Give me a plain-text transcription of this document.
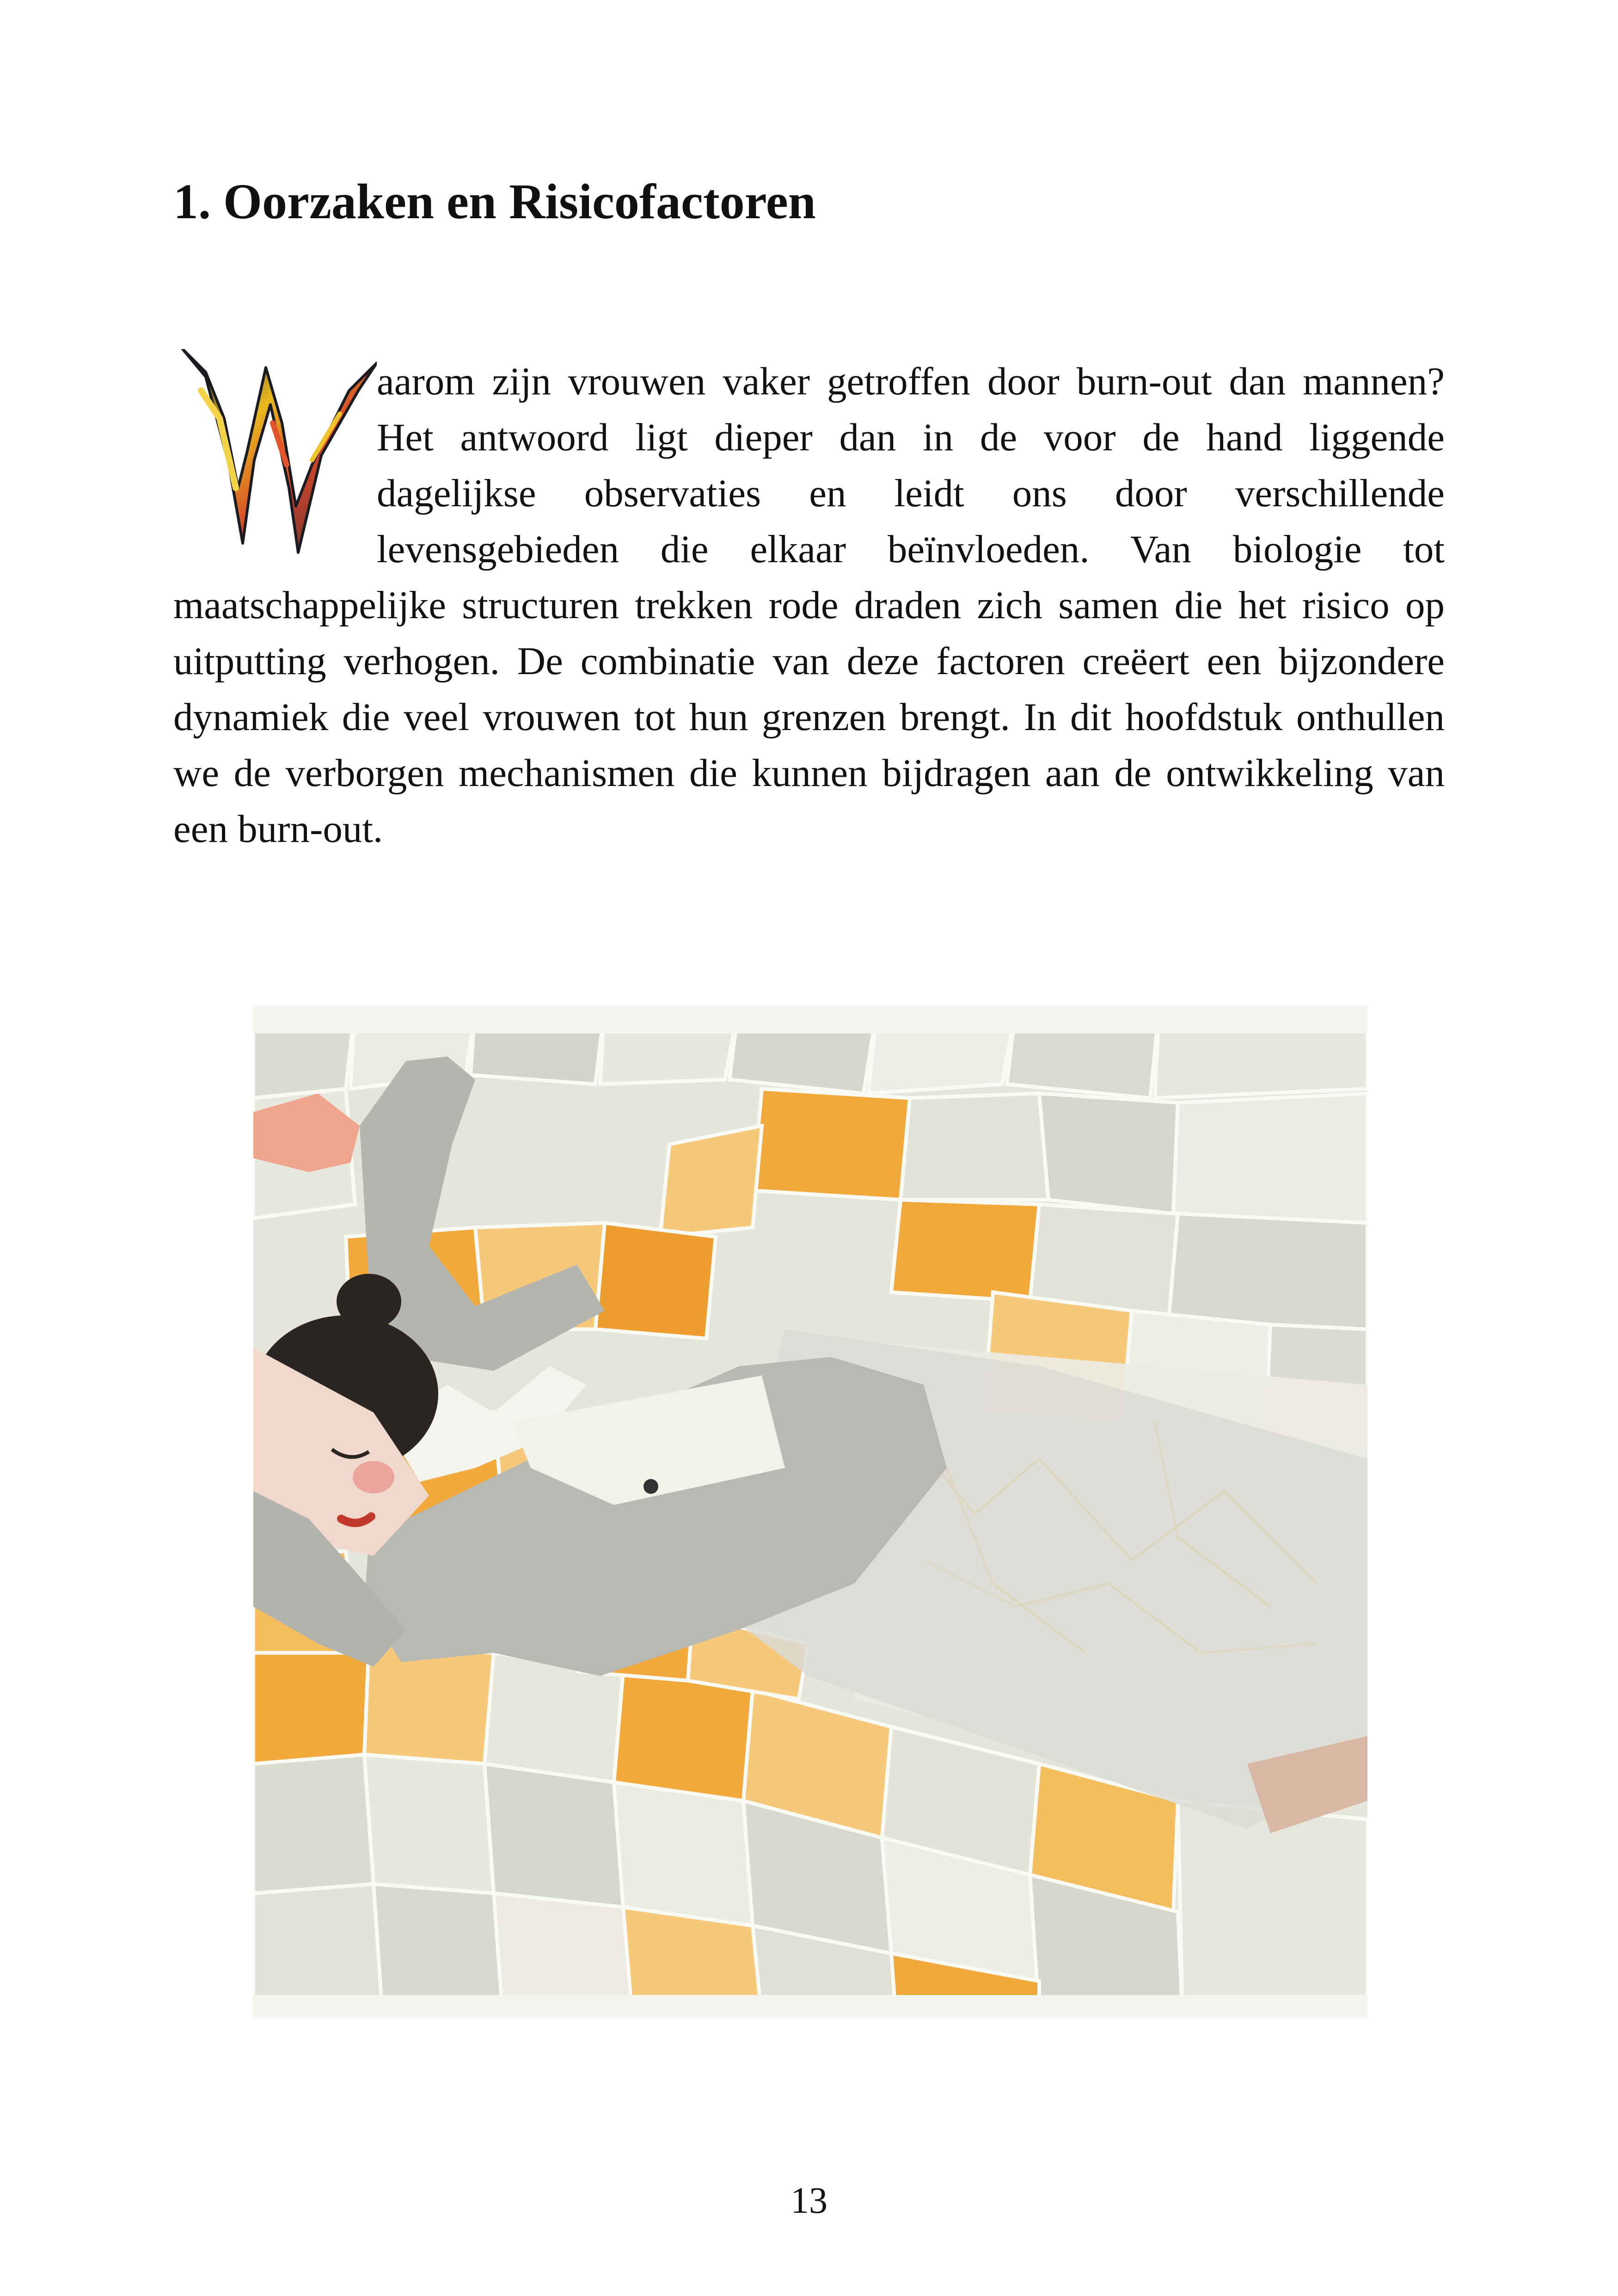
1. Oorzaken en Risicofactoren

aarom zijn vrouwen vaker getroffen door burn-out dan mannen? Het antwoord ligt dieper dan in de voor de hand liggende dagelijkse observaties en leidt ons door verschillende levensgebieden die elkaar beïnvloeden. Van biologie tot maatschappelijke structuren trekken rode draden zich samen die het risico op uitputting verhogen. De combinatie van deze factoren creëert een bijzondere dynamiek die veel vrouwen tot hun grenzen brengt. In dit hoofdstuk onthullen we de verborgen mechanismen die kunnen bijdragen aan de ontwikkeling van een burn-out.

13
